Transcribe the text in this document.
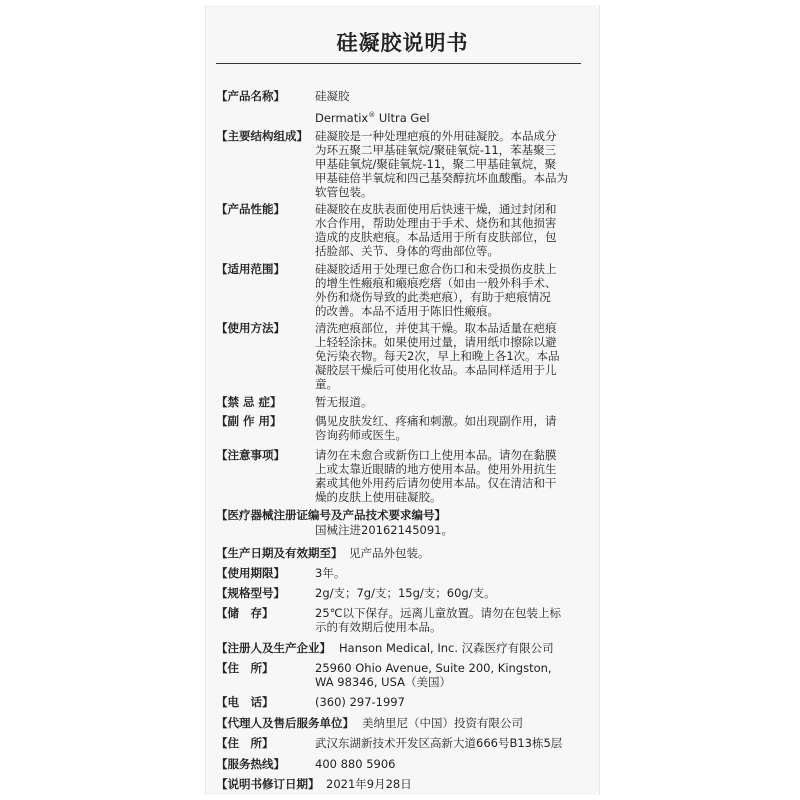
硅凝胶说明书
【产品名称】	硅凝胶

Dermatix® Ultra Gel

【主要结构组成】 硅凝胶是一种处理疤痕的外用硅凝胶。本品成分

为环五聚二甲基硅氧烷/聚硅氧烷-11，苯基聚三

甲基硅氧烷/聚硅氧烷-11，聚二甲基硅氧烷，聚

甲基硅倍半氧烷和四己基癸醇抗坏血酸酯。本品为

软管包装。

【产品性能】	硅凝胶在皮肤表面使用后快速干燥，通过封闭和

水合作用，帮助处理由于手术、烧伤和其他损害

造成的皮肤疤痕。本品适用于所有皮肤部位，包

括脸部、关节、身体的弯曲部位等。

【适用范围】	硅凝胶适用于处理已愈合伤口和未受损伤皮肤上

的增生性瘢痕和瘢痕疙瘩（如由一般外科手术、

外伤和烧伤导致的此类疤痕），有助于疤痕情况

的改善。本品不适用于陈旧性瘢痕。

【使用方法】	清洗疤痕部位，并使其干燥。取本品适量在疤痕

上轻轻涂抹。如果使用过量，请用纸巾擦除以避

免污染衣物。每天2次，早上和晚上各1次。本品

凝胶层干燥后可使用化妆品。本品同样适用于儿

童。

【禁 忌 症】	暂无报道。

【副 作 用】	偶见皮肤发红、疼痛和刺激。如出现副作用，请

咨询药师或医生。

【注意事项】	请勿在未愈合或新伤口上使用本品。请勿在黏膜

上或太靠近眼睛的地方使用本品。使用外用抗生

素或其他外用药后请勿使用本品。仅在清洁和干

燥的皮肤上使用硅凝胶。

【医疗器械注册证编号及产品技术要求编号】
国械注进20162145091。
【生产日期及有效期至】 见产品外包装。
【使用期限】	3年。
【规格型号】	2g/支；7g/支；15g/支；60g/支。
【储　存】	25℃以下保存。远离儿童放置。请勿在包装上标

示的有效期后使用本品。

【注册人及生产企业】 Hanson Medical, Inc. 汉森医疗有限公司
【住　所】	25960 Ohio Avenue, Suite 200, Kingston,

WA 98346, USA（美国）

【电　话】	(360) 297-1997
【代理人及售后服务单位】 美纳里尼（中国）投资有限公司
【住　所】	武汉东湖新技术开发区高新大道666号B13栋5层
【服务热线】	400 880 5906
【说明书修订日期】 2021年9月28日
